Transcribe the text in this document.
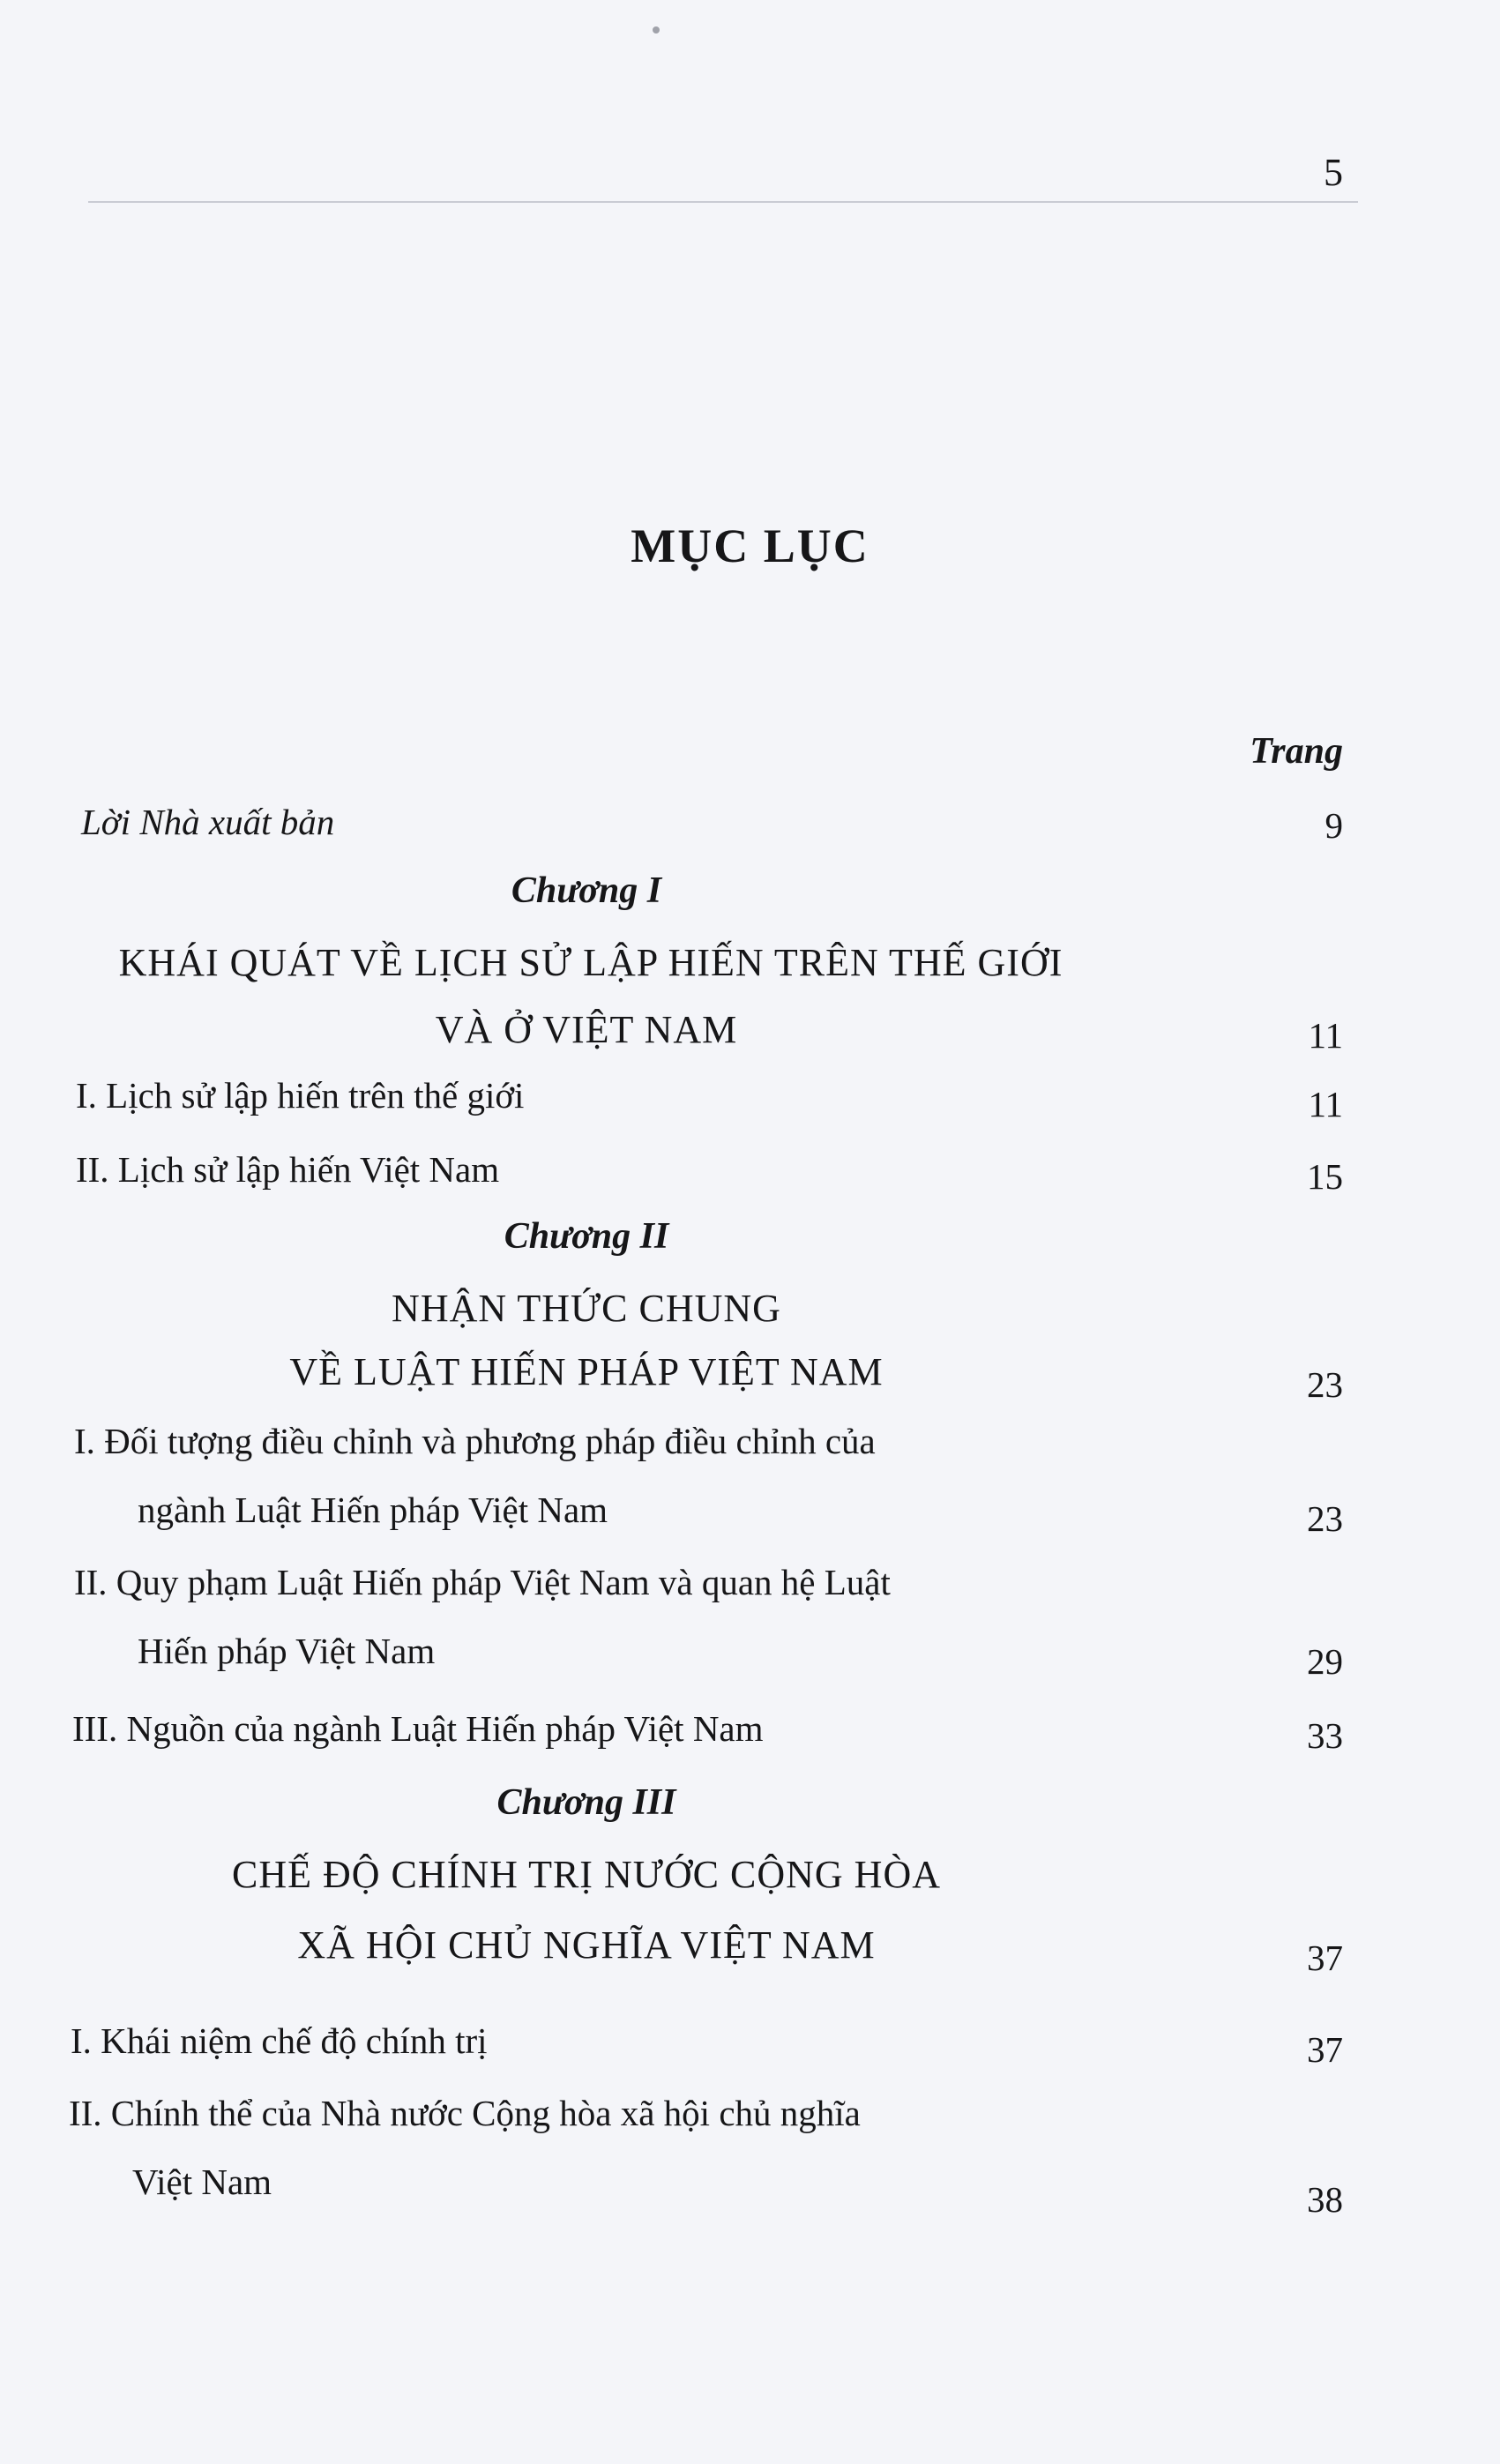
5
MỤC LỤC
Trang
Lời Nhà xuất bản	9
Chương I
KHÁI QUÁT VỀ LỊCH SỬ LẬP HIẾN TRÊN THẾ GIỚI
VÀ Ở VIỆT NAM	11
I. Lịch sử lập hiến trên thế giới	11
II. Lịch sử lập hiến Việt Nam	15
Chương II
NHẬN THỨC CHUNG
VỀ LUẬT HIẾN PHÁP VIỆT NAM	23
I. Đối tượng điều chỉnh và phương pháp điều chỉnh của
ngành Luật Hiến pháp Việt Nam	23
II. Quy phạm Luật Hiến pháp Việt Nam và quan hệ Luật
Hiến pháp Việt Nam	29
III. Nguồn của ngành Luật Hiến pháp Việt Nam	33
Chương III
CHẾ ĐỘ CHÍNH TRỊ NƯỚC CỘNG HÒA
XÃ HỘI CHỦ NGHĨA VIỆT NAM	37
I. Khái niệm chế độ chính trị	37
II. Chính thể của Nhà nước Cộng hòa xã hội chủ nghĩa
Việt Nam	38
